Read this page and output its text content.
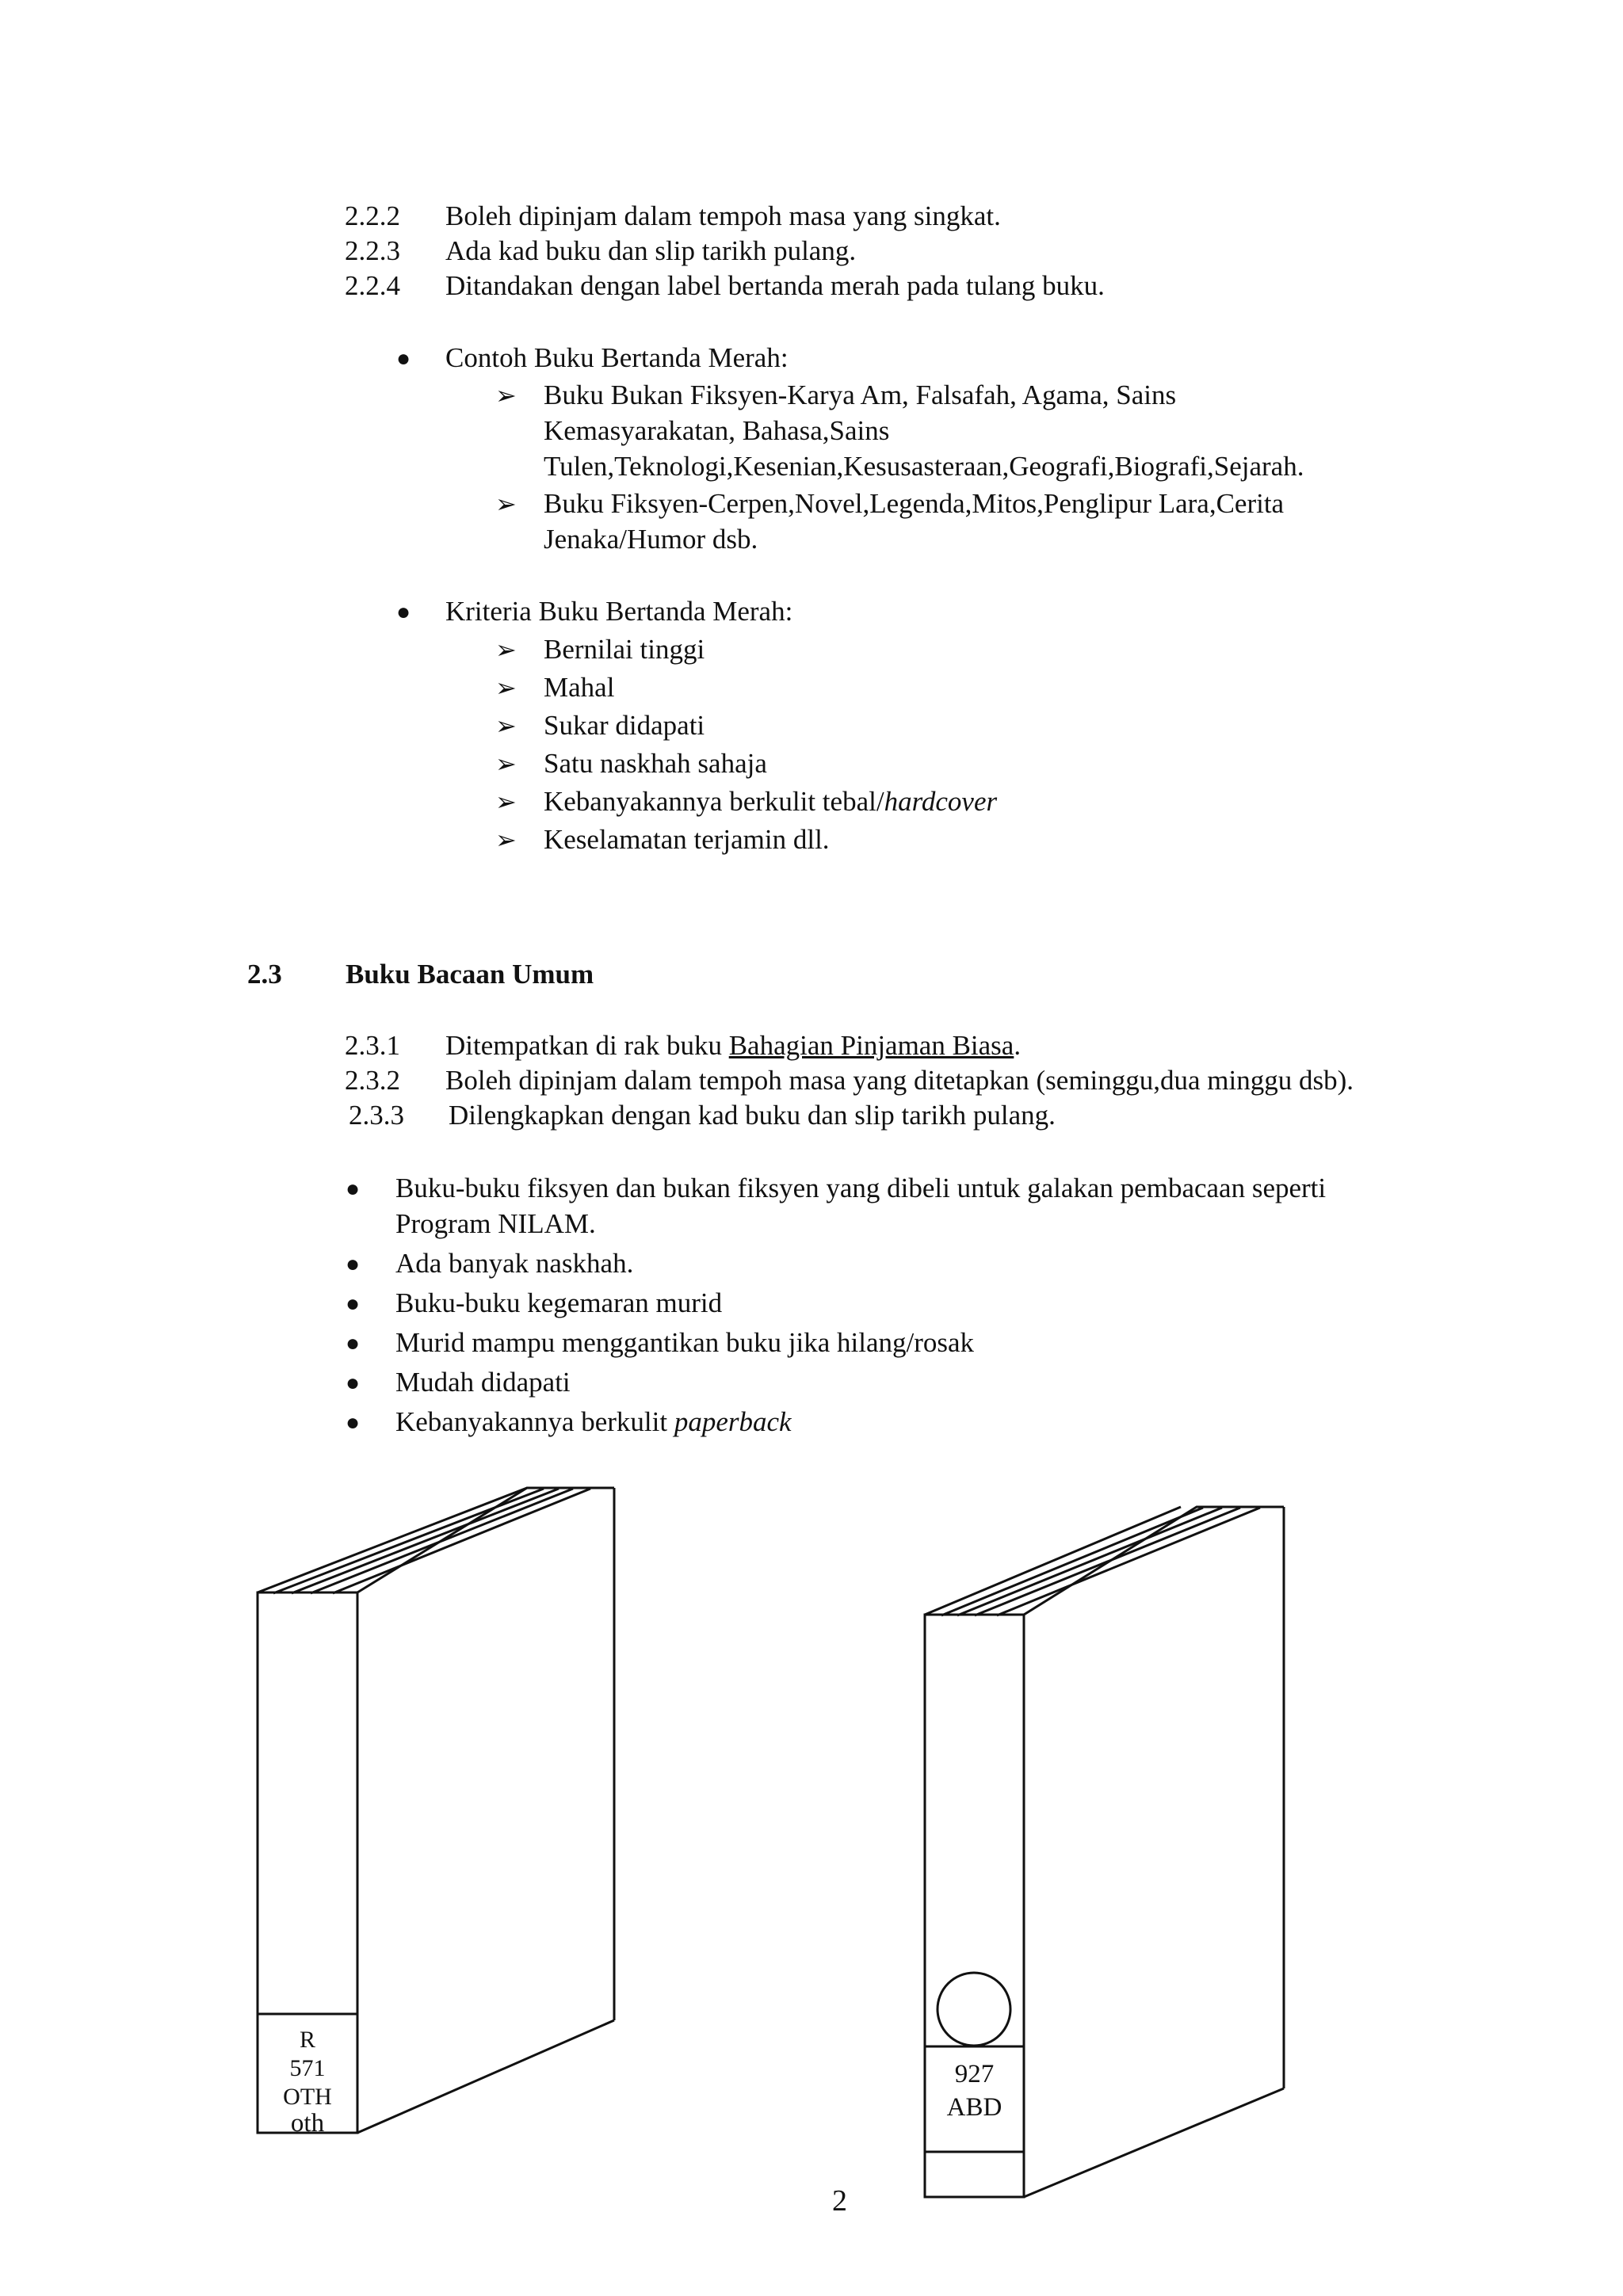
2.2.2 Boleh dipinjam dalam tempoh masa yang singkat.
2.2.3 Ada kad buku dan slip tarikh pulang.
2.2.4 Ditandakan dengan label bertanda merah pada tulang buku.
● Contoh Buku Bertanda Merah:
➢ Buku Bukan Fiksyen-Karya Am, Falsafah, Agama, Sains
Kemasyarakatan, Bahasa,Sains
Tulen,Teknologi,Kesenian,Kesusasteraan,Geografi,Biografi,Sejarah.
➢ Buku Fiksyen-Cerpen,Novel,Legenda,Mitos,Penglipur Lara,Cerita
Jenaka/Humor dsb.
● Kriteria Buku Bertanda Merah:
➢ Bernilai tinggi
➢ Mahal
➢ Sukar didapati
➢ Satu naskhah sahaja
➢ Kebanyakannya berkulit tebal/hardcover
➢ Keselamatan terjamin dll.
2.3 Buku Bacaan Umum
2.3.1 Ditempatkan di rak buku Bahagian Pinjaman Biasa.
2.3.2 Boleh dipinjam dalam tempoh masa yang ditetapkan (seminggu,dua minggu dsb).
2.3.3 Dilengkapkan dengan kad buku dan slip tarikh pulang.
● Buku-buku fiksyen dan bukan fiksyen yang dibeli untuk galakan pembacaan seperti
Program NILAM.
● Ada banyak naskhah.
● Buku-buku kegemaran murid
● Murid mampu menggantikan buku jika hilang/rosak
● Mudah didapati
● Kebanyakannya berkulit paperback
R
571
OTH
oth
927
ABD
2
